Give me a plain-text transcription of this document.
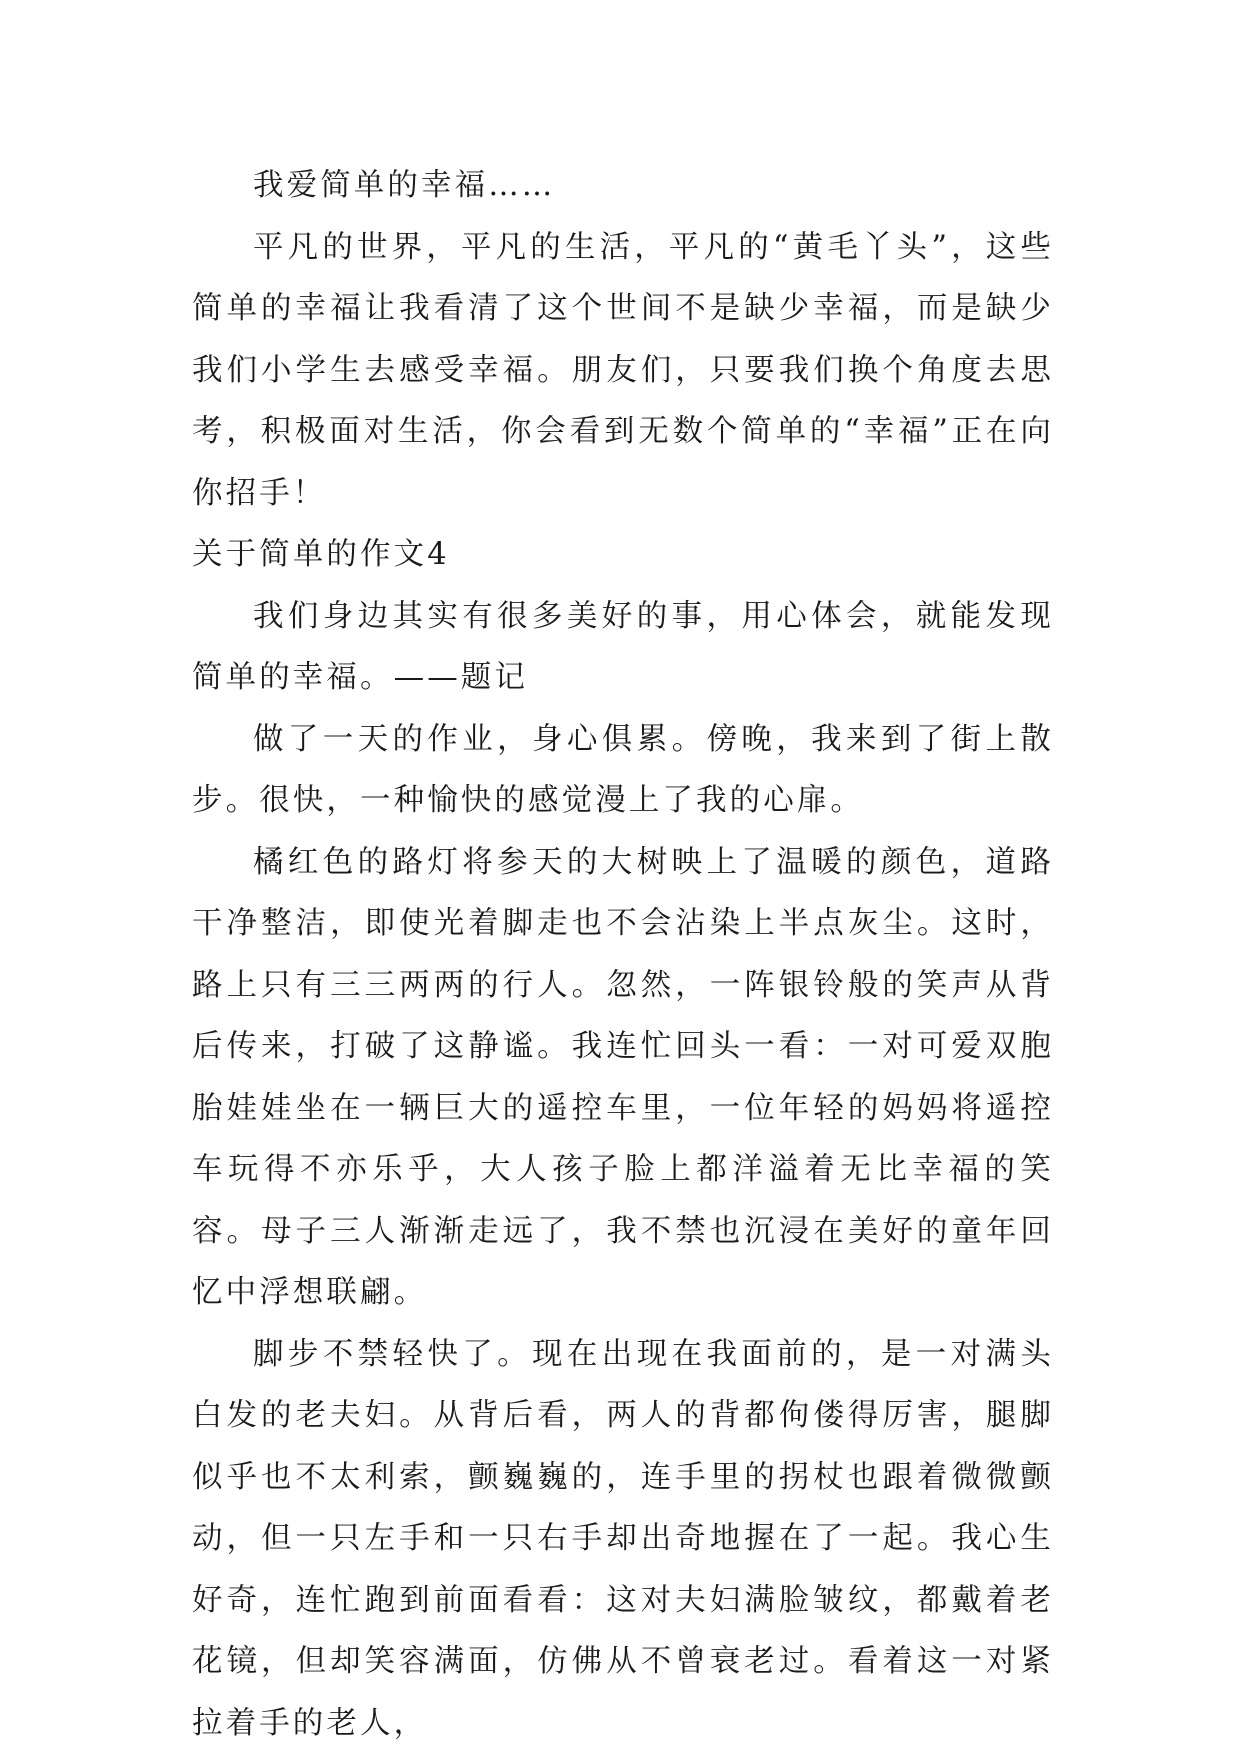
我爱简单的幸福……

平凡的世界，平凡的生活，平凡的“黄毛丫头”，这些简单的幸福让我看清了这个世间不是缺少幸福，而是缺少我们小学生去感受幸福。朋友们，只要我们换个角度去思考，积极面对生活，你会看到无数个简单的“幸福”正在向你招手！

关于简单的作文4

我们身边其实有很多美好的事，用心体会，就能发现简单的幸福。——题记

做了一天的作业，身心俱累。傍晚，我来到了街上散步。很快，一种愉快的感觉漫上了我的心扉。

橘红色的路灯将参天的大树映上了温暖的颜色，道路干净整洁，即使光着脚走也不会沾染上半点灰尘。这时，路上只有三三两两的行人。忽然，一阵银铃般的笑声从背后传来，打破了这静谧。我连忙回头一看：一对可爱双胞胎娃娃坐在一辆巨大的遥控车里，一位年轻的妈妈将遥控车玩得不亦乐乎，大人孩子脸上都洋溢着无比幸福的笑容。母子三人渐渐走远了，我不禁也沉浸在美好的童年回忆中浮想联翩。

脚步不禁轻快了。现在出现在我面前的，是一对满头白发的老夫妇。从背后看，两人的背都佝偻得厉害，腿脚似乎也不太利索，颤巍巍的，连手里的拐杖也跟着微微颤动，但一只左手和一只右手却出奇地握在了一起。我心生好奇，连忙跑到前面看看：这对夫妇满脸皱纹，都戴着老花镜，但却笑容满面，仿佛从不曾衰老过。看着这一对紧拉着手的老人，
